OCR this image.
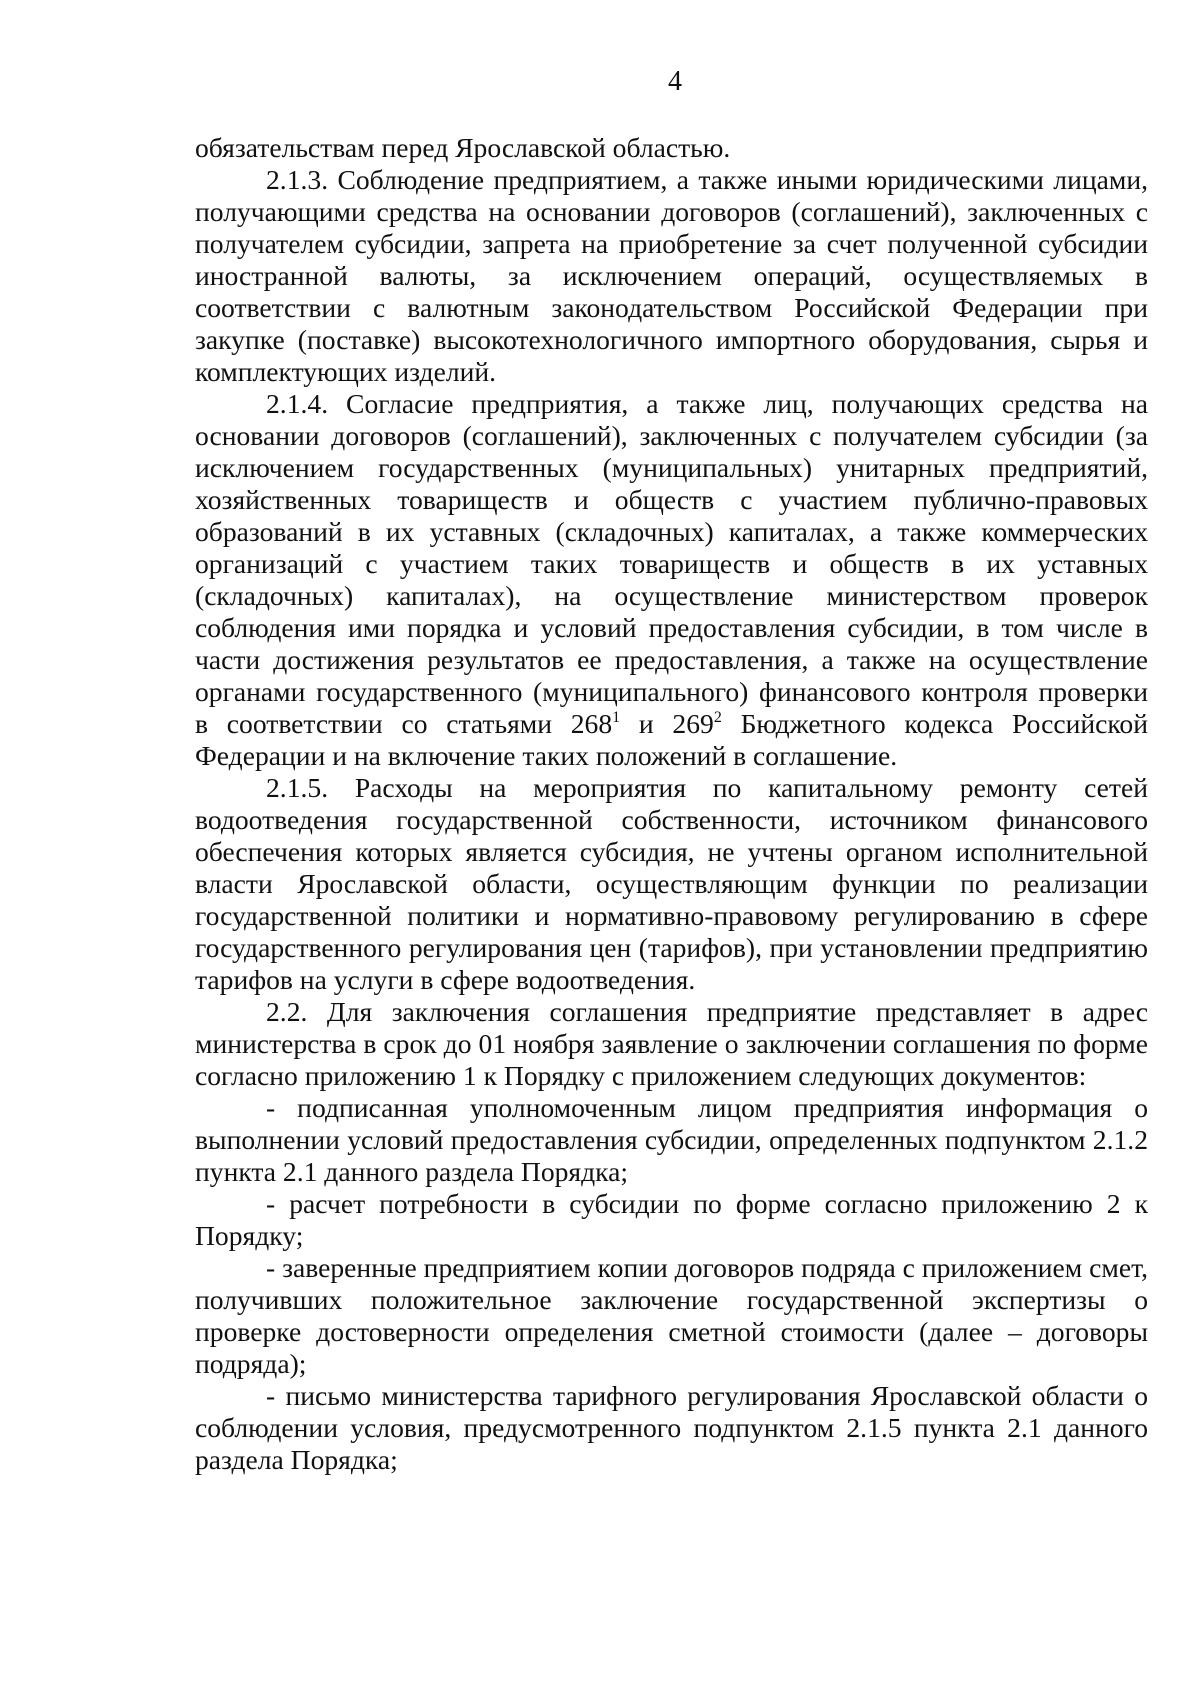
4

обязательствам перед Ярославской областью.

2.1.3. Соблюдение предприятием, а также иными юридическими лицами, получающими средства на основании договоров (соглашений), заключенных с получателем субсидии, запрета на приобретение за счет полученной субсидии иностранной валюты, за исключением операций, осуществляемых в соответствии с валютным законодательством Российской Федерации при закупке (поставке) высокотехнологичного импортного оборудования, сырья и комплектующих изделий.

2.1.4. Согласие предприятия, а также лиц, получающих средства на основании договоров (соглашений), заключенных с получателем субсидии (за исключением государственных (муниципальных) унитарных предприятий, хозяйственных товариществ и обществ с участием публично-правовых образований в их уставных (складочных) капиталах, а также коммерческих организаций с участием таких товариществ и обществ в их уставных (складочных) капиталах), на осуществление министерством проверок соблюдения ими порядка и условий предоставления субсидии, в том числе в части достижения результатов ее предоставления, а также на осуществление органами государственного (муниципального) финансового контроля проверки в соответствии со статьями $268^1$ и $269^2$ Бюджетного кодекса Российской Федерации и на включение таких положений в соглашение.

2.1.5. Расходы на мероприятия по капитальному ремонту сетей водоотведения государственной собственности, источником финансового обеспечения которых является субсидия, не учтены органом исполнительной власти Ярославской области, осуществляющим функции по реализации государственной политики и нормативно-правовому регулированию в сфере государственного регулирования цен (тарифов), при установлении предприятию тарифов на услуги в сфере водоотведения.

2.2. Для заключения соглашения предприятие представляет в адрес министерства в срок до 01 ноября заявление о заключении соглашения по форме согласно приложению 1 к Порядку с приложением следующих документов:

- подписанная уполномоченным лицом предприятия информация о выполнении условий предоставления субсидии, определенных подпунктом 2.1.2 пункта 2.1 данного раздела Порядка;

- расчет потребности в субсидии по форме согласно приложению 2 к Порядку;

- заверенные предприятием копии договоров подряда с приложением смет, получивших положительное заключение государственной экспертизы о проверке достоверности определения сметной стоимости (далее – договоры подряда);

- письмо министерства тарифного регулирования Ярославской области о соблюдении условия, предусмотренного подпунктом 2.1.5 пункта 2.1 данного раздела Порядка;
